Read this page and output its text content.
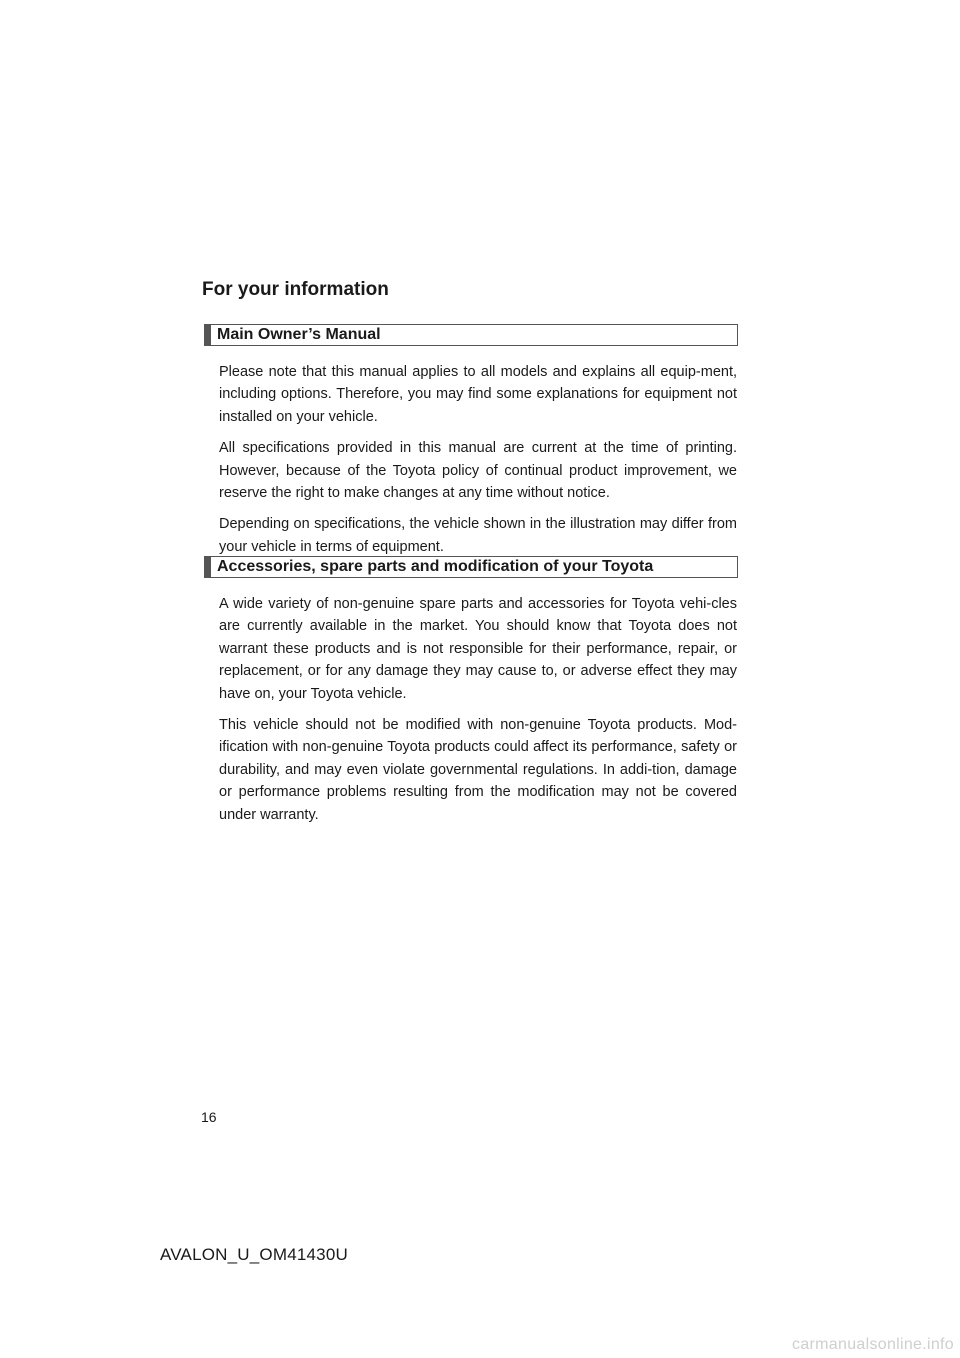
For your information
Main Owner’s Manual

Please note that this manual applies to all models and explains all equip-ment, including options. Therefore, you may find some explanations for equipment not installed on your vehicle.

All specifications provided in this manual are current at the time of printing. However, because of the Toyota policy of continual product improvement, we reserve the right to make changes at any time without notice.

Depending on specifications, the vehicle shown in the illustration may differ from your vehicle in terms of equipment.

Accessories, spare parts and modification of your Toyota

A wide variety of non-genuine spare parts and accessories for Toyota vehi-cles are currently available in the market. You should know that Toyota does not warrant these products and is not responsible for their performance, repair, or replacement, or for any damage they may cause to, or adverse effect they may have on, your Toyota vehicle.

This vehicle should not be modified with non-genuine Toyota products. Mod-ification with non-genuine Toyota products could affect its performance, safety or durability, and may even violate governmental regulations. In addi-tion, damage or performance problems resulting from the modification may not be covered under warranty.

16
AVALON_U_OM41430U
carmanualsonline.info
